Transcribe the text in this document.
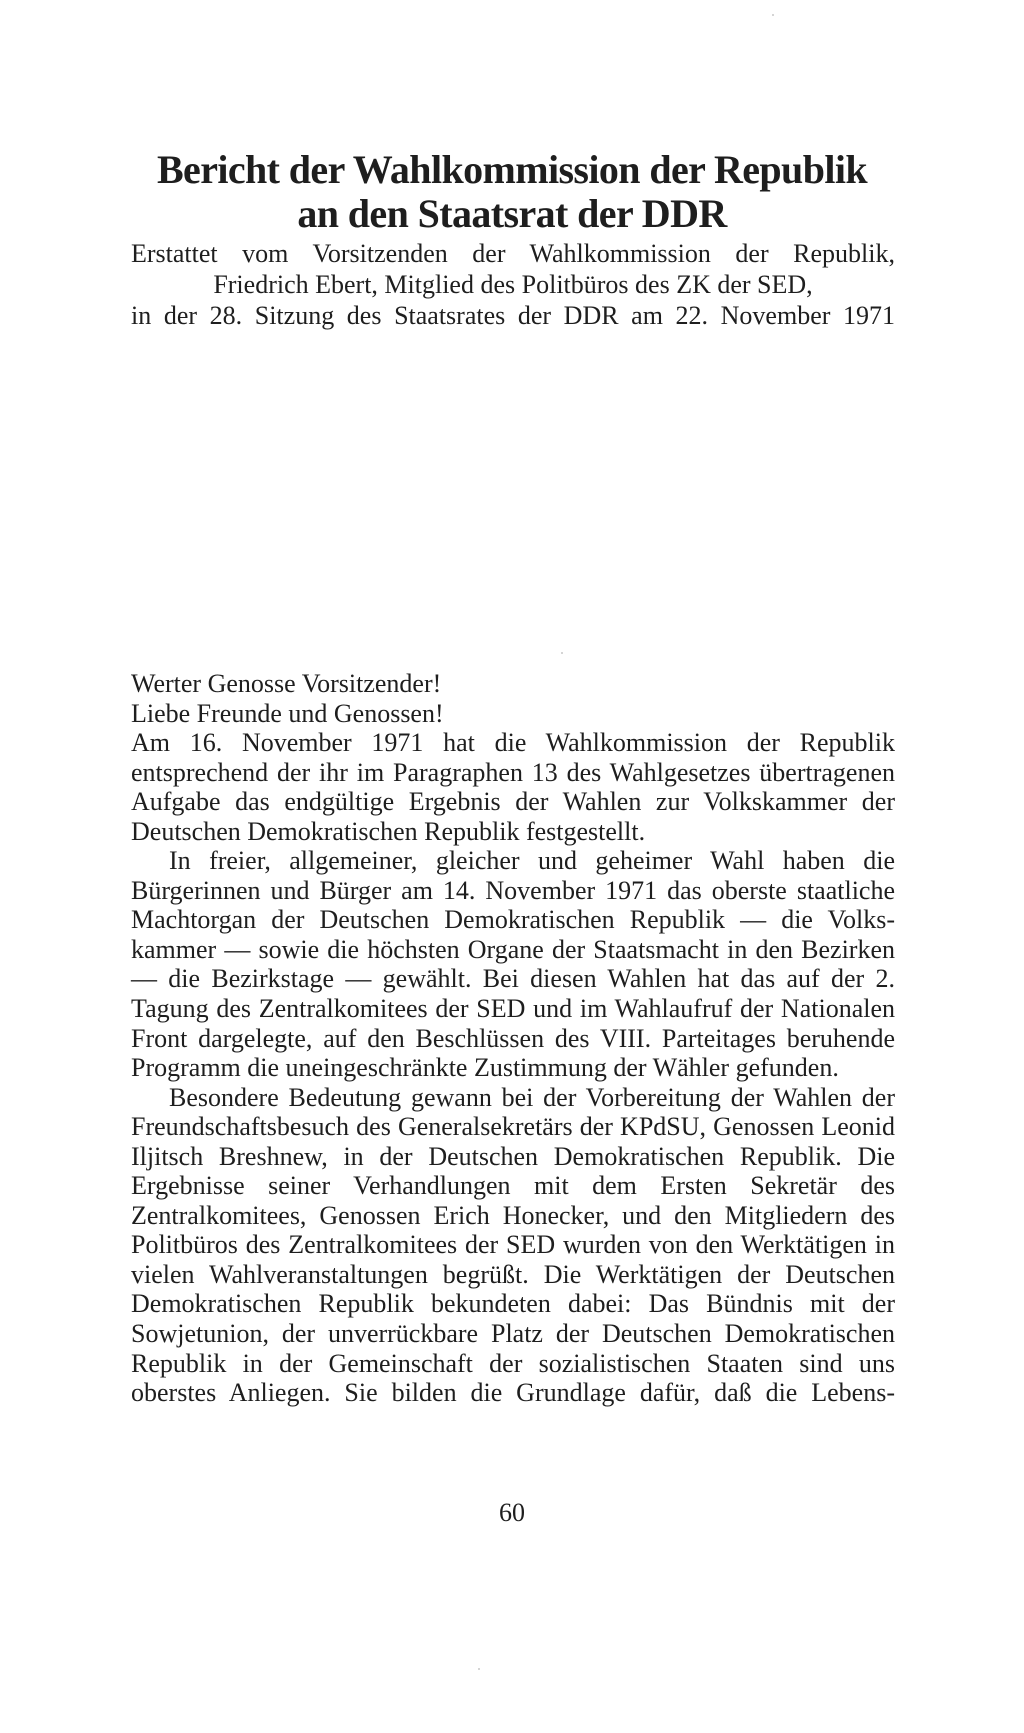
Bericht der Wahlkommission der Republik
an den Staatsrat der DDR
Erstattet vom Vorsitzenden der Wahlkommission der Republik,
Friedrich Ebert, Mitglied des Politbüros des ZK der SED,
in der 28. Sitzung des Staatsrates der DDR am 22. November 1971

Werter Genosse Vorsitzender!

Liebe Freunde und Genossen!

Am 16. November 1971 hat die Wahlkommission der Republik entsprechend der ihr im Paragraphen 13 des Wahlgesetzes übertragenen Aufgabe das endgültige Ergebnis der Wahlen zur Volkskammer der Deutschen Demokratischen Republik festgestellt.

In freier, allgemeiner, gleicher und geheimer Wahl haben die Bürgerinnen und Bürger am 14. November 1971 das oberste staatliche Machtorgan der Deutschen Demokratischen Republik — die Volkskammer — sowie die höchsten Organe der Staatsmacht in den Bezirken — die Bezirkstage — gewählt. Bei diesen Wahlen hat das auf der 2. Tagung des Zentralkomitees der SED und im Wahlaufruf der Nationalen Front dargelegte, auf den Beschlüssen des VIII. Parteitages beruhende Programm die uneingeschränkte Zustimmung der Wähler gefunden.

Besondere Bedeutung gewann bei der Vorbereitung der Wahlen der Freundschaftsbesuch des Generalsekretärs der KPdSU, Genossen Leonid Iljitsch Breshnew, in der Deutschen Demokratischen Republik. Die Ergebnisse seiner Verhandlungen mit dem Ersten Sekretär des Zentralkomitees, Genossen Erich Honecker, und den Mitgliedern des Politbüros des Zentralkomitees der SED wurden von den Werktätigen in vielen Wahlveranstaltungen begrüßt. Die Werktätigen der Deutschen Demokratischen Republik bekundeten dabei: Das Bündnis mit der Sowjetunion, der unverrückbare Platz der Deutschen Demokratischen Republik in der Gemeinschaft der sozialistischen Staaten sind uns oberstes Anliegen. Sie bilden die Grundlage dafür, daß die Lebens-

60
